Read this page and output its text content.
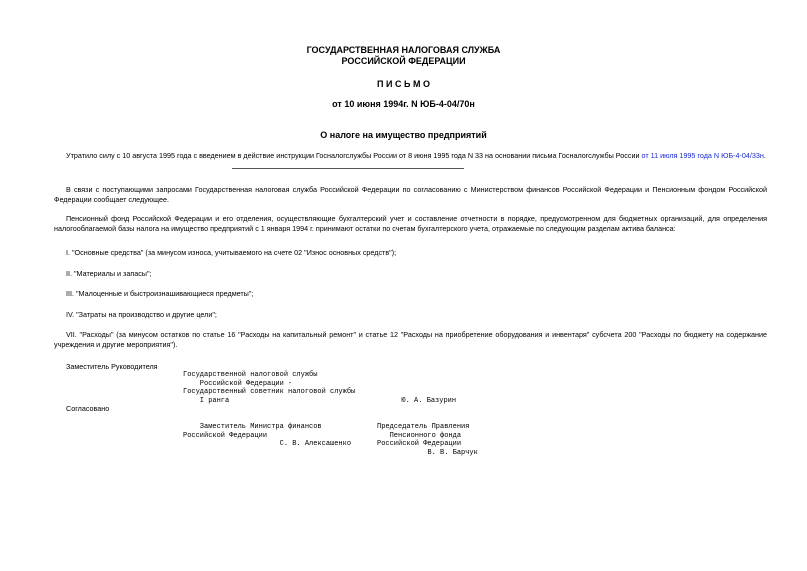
ГОСУДАРСТВЕННАЯ НАЛОГОВАЯ СЛУЖБА
РОССИЙСКОЙ ФЕДЕРАЦИИ
П И С Ь М О
от 10 июня 1994г. N ЮБ-4-04/70н
О налоге на имущество предприятий
Утратило силу с 10 августа 1995 года с введением в действие инструкции Госналогслужбы России от 8 июня 1995 года N 33 на основании письма Госналогслужбы России от 11 июля 1995 года N ЮБ-4-04/33н.
В связи с поступающими запросами Государственная налоговая служба Российской Федерации по согласованию с Министерством финансов Российской Федерации и Пенсионным фондом Российской Федерации сообщает следующее.
Пенсионный фонд Российской Федерации и его отделения, осуществляющие бухгалтерский учет и составление отчетности в порядке, предусмотренном для бюджетных организаций, для определения налогооблагаемой базы налога на имущество предприятий с 1 января 1994 г. принимают остатки по счетам бухгалтерского учета, отражаемые по следующим разделам актива баланса:
I. "Основные средства" (за минусом износа, учитываемого на счете 02 "Износ основных средств");
II. "Материалы и запасы";
III. "Малоценные и быстроизнашивающиеся предметы";
IV. "Затраты на производство и другие цели";
VII. "Расходы" (за минусом остатков по статье 16 "Расходы на капитальный ремонт" и статье 12 "Расходы на приобретение оборудования и инвентаря" субсчета 200 "Расходы по бюджету на содержание учреждения и другие мероприятия").
Заместитель Руководителя
Государственной налоговой службы
Российской Федерации -
Государственный советник налоговой службы
I ранга                                         Ю. А. Базурин
Согласовано
Заместитель Министра финансов
Российской Федерации
С. В. Алексашенко
Председатель Правления
Пенсионного фонда
Российской Федерации
В. В. Барчук
